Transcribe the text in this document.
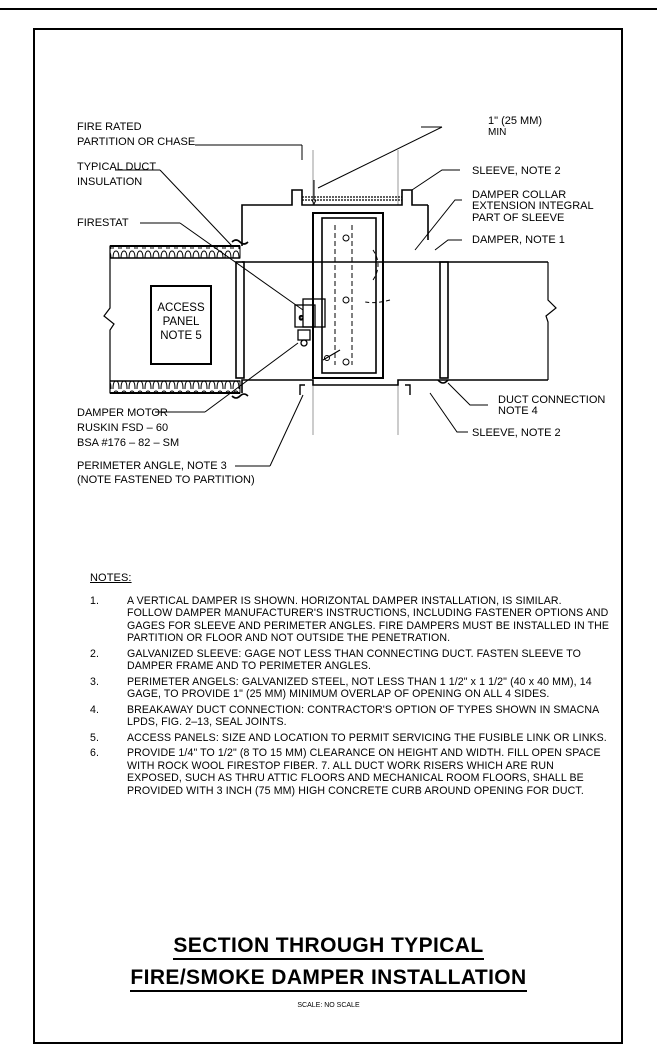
c
FIRE RATED
PARTITION OR CHASE
TYPICAL DUCT
INSULATION
FIRESTAT
1" (25 MM)
MIN
SLEEVE, NOTE 2
DAMPER COLLAR
EXTENSION INTEGRAL
PART OF SLEEVE
DAMPER, NOTE 1
ACCESS
PANEL
NOTE 5
DAMPER MOTOR
RUSKIN FSD – 60
BSA #176 – 82 – SM
DUCT CONNECTION
NOTE 4
SLEEVE, NOTE 2
PERIMETER ANGLE, NOTE 3
(NOTE FASTENED TO PARTITION)
NOTES:
1.	A VERTICAL DAMPER IS SHOWN. HORIZONTAL DAMPER INSTALLATION, IS SIMILAR. FOLLOW DAMPER MANUFACTURER'S INSTRUCTIONS, INCLUDING FASTENER OPTIONS AND GAGES FOR SLEEVE AND PERIMETER ANGLES. FIRE DAMPERS MUST BE INSTALLED IN THE PARTITION OR FLOOR AND NOT OUTSIDE THE PENETRATION.
2.	GALVANIZED SLEEVE: GAGE NOT LESS THAN CONNECTING DUCT. FASTEN SLEEVE TO DAMPER FRAME AND TO PERIMETER ANGLES.
3.	PERIMETER ANGELS: GALVANIZED STEEL, NOT LESS THAN 1 1/2" x 1 1/2" (40 x 40 MM), 14 GAGE, TO PROVIDE 1" (25 MM) MINIMUM OVERLAP OF OPENING ON ALL 4 SIDES.
4.	BREAKAWAY DUCT CONNECTION: CONTRACTOR'S OPTION OF TYPES SHOWN IN SMACNA LPDS, FIG. 2–13, SEAL JOINTS.
5.	ACCESS PANELS: SIZE AND LOCATION TO PERMIT SERVICING THE FUSIBLE LINK OR LINKS.
6.	PROVIDE 1/4" TO 1/2" (8 TO 15 MM) CLEARANCE ON HEIGHT AND WIDTH. FILL OPEN SPACE WITH ROCK WOOL FIRESTOP FIBER. 7. ALL DUCT WORK RISERS WHICH ARE RUN EXPOSED, SUCH AS THRU ATTIC FLOORS AND MECHANICAL ROOM FLOORS, SHALL BE PROVIDED WITH 3 INCH (75 MM) HIGH CONCRETE CURB AROUND OPENING FOR DUCT.
SECTION THROUGH TYPICAL
FIRE/SMOKE DAMPER INSTALLATION
SCALE: NO SCALE
